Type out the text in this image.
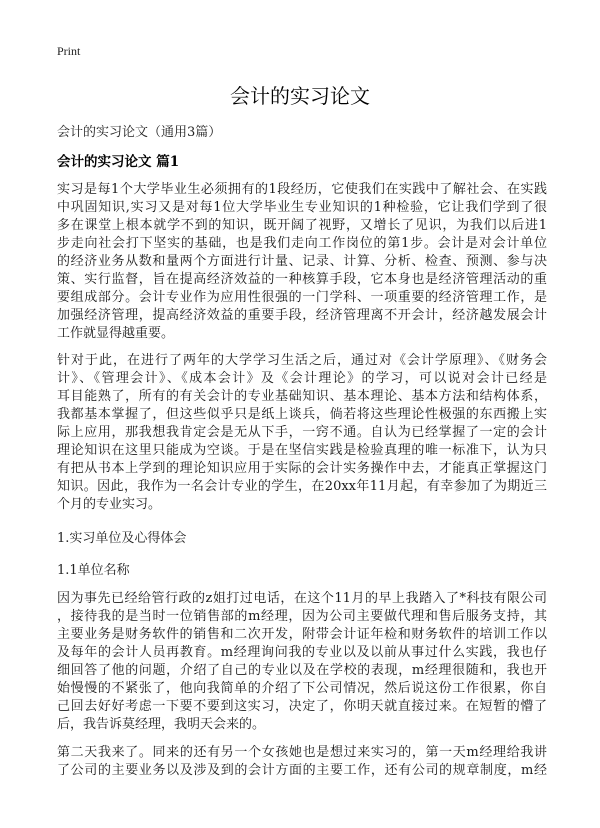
Print
会计的实习论文
会计的实习论文（通用3篇）
会计的实习论文 篇1
实习是每1个大学毕业生必须拥有的1段经历，它使我们在实践中了解社会、在实践
中巩固知识,实习又是对每1位大学毕业生专业知识的1种检验，它让我们学到了很
多在课堂上根本就学不到的知识，既开阔了视野，又增长了见识，为我们以后进1
步走向社会打下坚实的基础，也是我们走向工作岗位的第1步。会计是对会计单位
的经济业务从数和量两个方面进行计量、记录、计算、分析、检查、预测、参与决
策、实行监督，旨在提高经济效益的一种核算手段，它本身也是经济管理活动的重
要组成部分。会计专业作为应用性很强的一门学科、一项重要的经济管理工作，是
加强经济管理，提高经济效益的重要手段，经济管理离不开会计，经济越发展会计
工作就显得越重要。
针对于此，在进行了两年的大学学习生活之后，通过对《会计学原理》、《财务会
计》、《管理会计》、《成本会计》及《会计理论》的学习，可以说对会计已经是
耳目能熟了，所有的有关会计的专业基础知识、基本理论、基本方法和结构体系，
我都基本掌握了，但这些似乎只是纸上谈兵，倘若将这些理论性极强的东西搬上实
际上应用，那我想我肯定会是无从下手，一窍不通。自认为已经掌握了一定的会计
理论知识在这里只能成为空谈。于是在坚信实践是检验真理的唯一标准下，认为只
有把从书本上学到的理论知识应用于实际的会计实务操作中去，才能真正掌握这门
知识。因此，我作为一名会计专业的学生，在20xx年11月起，有幸参加了为期近三
个月的专业实习。
1.实习单位及心得体会
1.1单位名称
因为事先已经给管行政的z姐打过电话，在这个11月的早上我踏入了*科技有限公司
，接待我的是当时一位销售部的m经理，因为公司主要做代理和售后服务支持，其
主要业务是财务软件的销售和二次开发，附带会计证年检和财务软件的培训工作以
及每年的会计人员再教育。m经理询问我的专业以及以前从事过什么实践，我也仔
细回答了他的问题，介绍了自己的专业以及在学校的表现，m经理很随和，我也开
始慢慢的不紧张了，他向我简单的介绍了下公司情况，然后说这份工作很累，你自
己回去好好考虑一下要不要到这实习，决定了，你明天就直接过来。在短暂的懵了
后，我告诉莫经理，我明天会来的。
第二天我来了。同来的还有另一个女孩她也是想过来实习的，第一天m经理给我讲
了公司的主要业务以及涉及到的会计方面的主要工作，还有公司的规章制度，m经
